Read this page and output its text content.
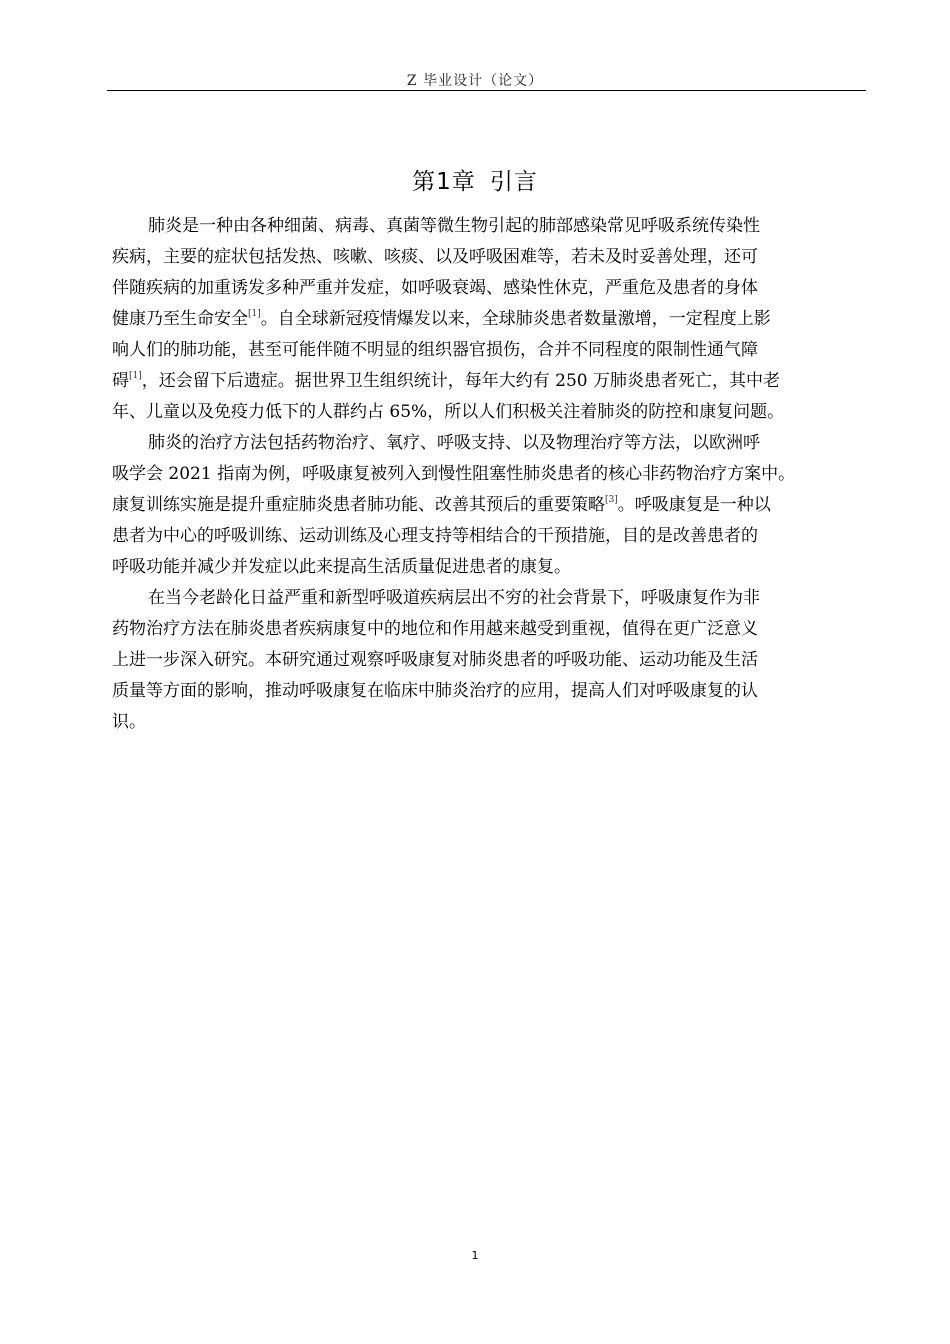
Z 毕业设计（论文）
第1章 引言
肺炎是一种由各种细菌、病毒、真菌等微生物引起的肺部感染常见呼吸系统传染性
疾病，主要的症状包括发热、咳嗽、咳痰、以及呼吸困难等，若未及时妥善处理，还可
伴随疾病的加重诱发多种严重并发症，如呼吸衰竭、感染性休克，严重危及患者的身体
健康乃至生命安全[1]。自全球新冠疫情爆发以来，全球肺炎患者数量激增，一定程度上影
响人们的肺功能，甚至可能伴随不明显的组织器官损伤，合并不同程度的限制性通气障
碍[1]，还会留下后遗症。据世界卫生组织统计，每年大约有 250 万肺炎患者死亡，其中老
年、儿童以及免疫力低下的人群约占 65%，所以人们积极关注着肺炎的防控和康复问题。
肺炎的治疗方法包括药物治疗、氧疗、呼吸支持、以及物理治疗等方法，以欧洲呼
吸学会 2021 指南为例，呼吸康复被列入到慢性阻塞性肺炎患者的核心非药物治疗方案中。
康复训练实施是提升重症肺炎患者肺功能、改善其预后的重要策略[3]。呼吸康复是一种以
患者为中心的呼吸训练、运动训练及心理支持等相结合的干预措施，目的是改善患者的
呼吸功能并减少并发症以此来提高生活质量促进患者的康复。
在当今老龄化日益严重和新型呼吸道疾病层出不穷的社会背景下，呼吸康复作为非
药物治疗方法在肺炎患者疾病康复中的地位和作用越来越受到重视，值得在更广泛意义
上进一步深入研究。本研究通过观察呼吸康复对肺炎患者的呼吸功能、运动功能及生活
质量等方面的影响，推动呼吸康复在临床中肺炎治疗的应用，提高人们对呼吸康复的认
识。
1
